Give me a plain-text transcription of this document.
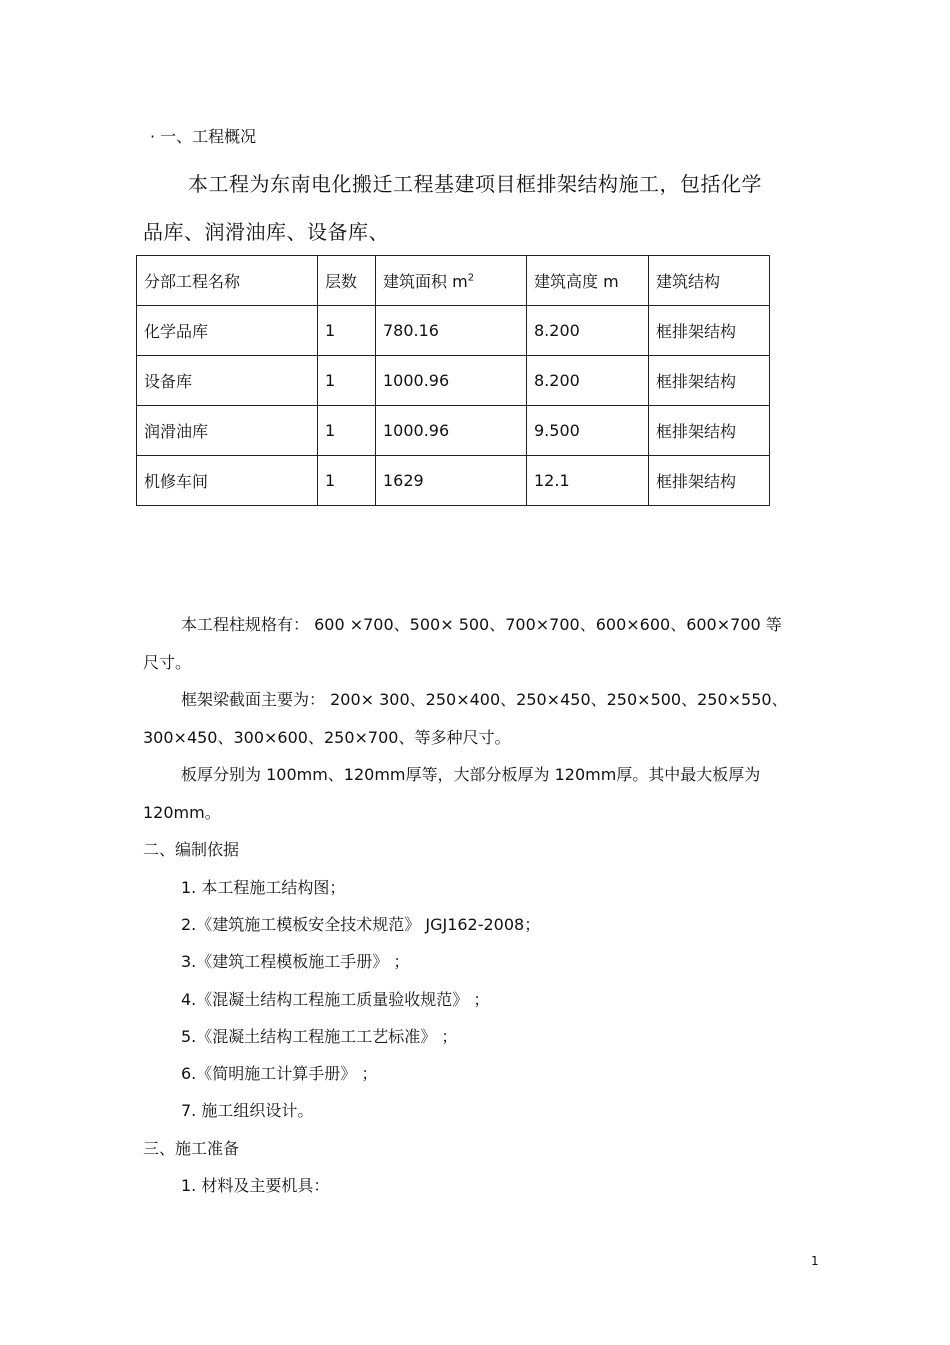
· 一、工程概况
本工程为东南电化搬迁工程基建项目框排架结构施工，包括化学
品库、润滑油库、设备库、
分部工程名称	层数	建筑面积 $m^2$	建筑高度 m	建筑结构
化学品库	1	780.16	8.200	框排架结构
设备库	1	1000.96	8.200	框排架结构
润滑油库	1	1000.96	9.500	框排架结构
机修车间	1	1629	12.1	框排架结构
本工程柱规格有： 600 ×700、500× 500、700×700、600×600、600×700 等
尺寸。
框架梁截面主要为： 200× 300、250×400、250×450、250×500、250×550、
300×450、300×600、250×700、等多种尺寸。
板厚分别为 100mm、120mm厚等，大部分板厚为 120mm厚。其中最大板厚为
120mm。
二、编制依据
1. 本工程施工结构图；
2.《建筑施工模板安全技术规范》 JGJ162-2008；
3.《建筑工程模板施工手册》 ；
4.《混凝土结构工程施工质量验收规范》 ；
5.《混凝土结构工程施工工艺标准》 ；
6.《简明施工计算手册》 ；
7. 施工组织设计。
三、施工准备
1. 材料及主要机具：
1
